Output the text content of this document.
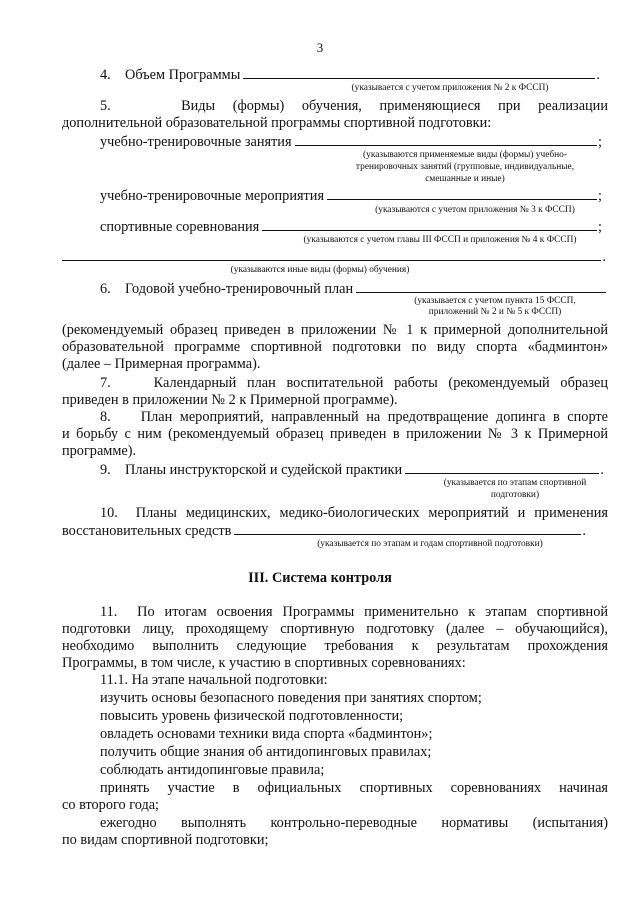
3
4.    Объем Программы	.
(указывается с учетом приложения № 2 к ФССП)
5.    Виды (формы) обучения, применяющиеся при реализации
дополнительной образовательной программы спортивной подготовки:
учебно-тренировочные занятия	;
(указываются применяемые виды (формы) учебно-
тренировочных занятий (групповые, индивидуальные,
смешанные и иные)
учебно-тренировочные мероприятия	;
(указываются с учетом приложения № 3 к ФССП)
спортивные соревнования	;
(указываются с учетом главы III ФССП и приложения № 4 к ФССП)
.
(указываются иные виды (формы) обучения)
6.    Годовой учебно-тренировочный план
(указывается с учетом пункта 15 ФССП,
приложений № 2 и № 5 к ФССП)
(рекомендуемый образец приведен в приложении № 1 к примерной дополнительной
образовательной программе спортивной подготовки по виду спорта «бадминтон»
(далее – Примерная программа).
7.    Календарный план воспитательной работы (рекомендуемый образец
приведен в приложении № 2 к Примерной программе).
8.    План мероприятий, направленный на предотвращение допинга в спорте
и борьбу с ним (рекомендуемый образец приведен в приложении № 3 к Примерной
программе).
9.    Планы инструкторской и судейской практики	.
(указывается по этапам спортивной
подготовки)
10.  Планы медицинских, медико-биологических мероприятий и применения
восстановительных средств	.
(указывается по этапам и годам спортивной подготовки)
III. Система контроля
11.  По итогам освоения Программы применительно к этапам спортивной
подготовки лицу, проходящему спортивную подготовку (далее – обучающийся),
необходимо выполнить следующие требования к результатам прохождения
Программы, в том числе, к участию в спортивных соревнованиях:
11.1. На этапе начальной подготовки:
изучить основы безопасного поведения при занятиях спортом;
повысить уровень физической подготовленности;
овладеть основами техники вида спорта «бадминтон»;
получить общие знания об антидопинговых правилах;
соблюдать антидопинговые правила;
принять участие в официальных спортивных соревнованиях начиная
со второго года;
ежегодно выполнять контрольно-переводные нормативы (испытания)
по видам спортивной подготовки;
